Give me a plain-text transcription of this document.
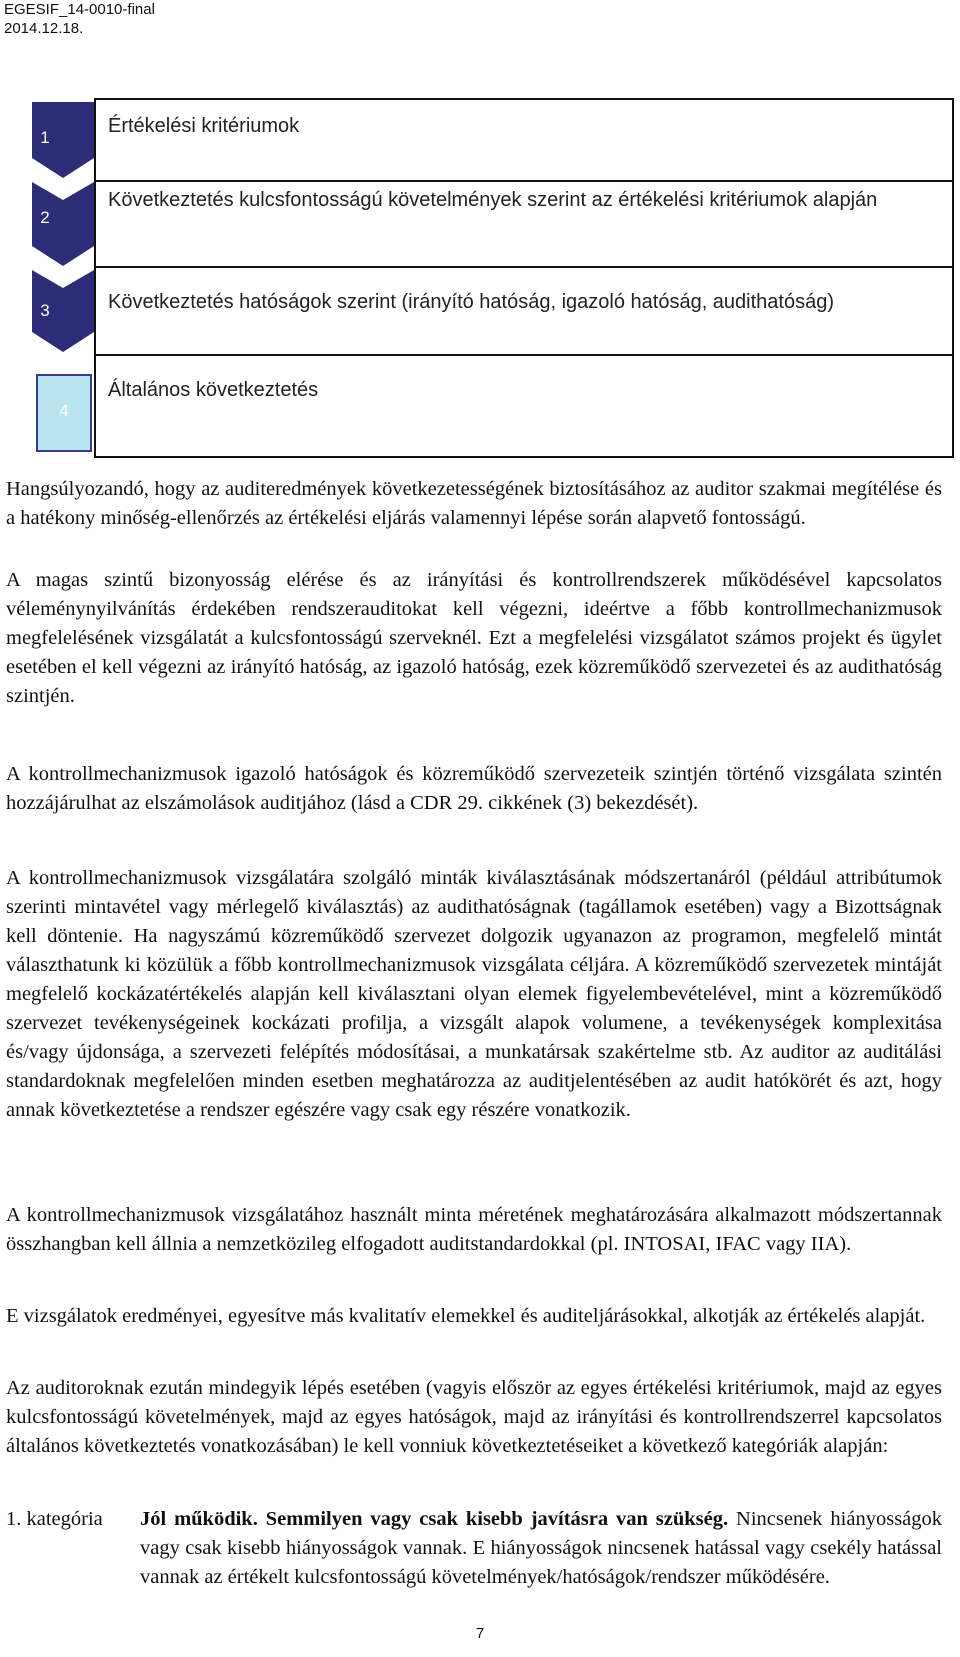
EGESIF_14-0010-final
2014.12.18.
Értékelési kritériumok
Következtetés kulcsfontosságú követelmények szerint az értékelési kritériumok alapján
Következtetés hatóságok szerint (irányító hatóság, igazoló hatóság, audithatóság)
Általános következtetés
1
2
3
4

Hangsúlyozandó, hogy az auditeredmények következetességének biztosításához az auditor szakmai megítélése és a hatékony minőség-ellenőrzés az értékelési eljárás valamennyi lépése során alapvető fontosságú.

A magas szintű bizonyosság elérése és az irányítási és kontrollrendszerek működésével kapcsolatos véleménynyilvánítás érdekében rendszerauditokat kell végezni, ideértve a főbb kontrollmechanizmusok megfelelésének vizsgálatát a kulcsfontosságú szerveknél. Ezt a megfelelési vizsgálatot számos projekt és ügylet esetében el kell végezni az irányító hatóság, az igazoló hatóság, ezek közreműködő szervezetei és az audithatóság szintjén.

A kontrollmechanizmusok igazoló hatóságok és közreműködő szervezeteik szintjén történő vizsgálata szintén hozzájárulhat az elszámolások auditjához (lásd a CDR 29. cikkének (3) bekezdését).

A kontrollmechanizmusok vizsgálatára szolgáló minták kiválasztásának módszertanáról (például attribútumok szerinti mintavétel vagy mérlegelő kiválasztás) az audithatóságnak (tagállamok esetében) vagy a Bizottságnak kell döntenie. Ha nagyszámú közreműködő szervezet dolgozik ugyanazon az programon, megfelelő mintát választhatunk ki közülük a főbb kontrollmechanizmusok vizsgálata céljára. A közreműködő szervezetek mintáját megfelelő kockázatértékelés alapján kell kiválasztani olyan elemek figyelembevételével, mint a közreműködő szervezet tevékenységeinek kockázati profilja, a vizsgált alapok volumene, a tevékenységek komplexitása és/vagy újdonsága, a szervezeti felépítés módosításai, a munkatársak szakértelme stb. Az auditor az auditálási standardoknak megfelelően minden esetben meghatározza az auditjelentésében az audit hatókörét és azt, hogy annak következtetése a rendszer egészére vagy csak egy részére vonatkozik.

A kontrollmechanizmusok vizsgálatához használt minta méretének meghatározására alkalmazott módszertannak összhangban kell állnia a nemzetközileg elfogadott auditstandardokkal (pl. INTOSAI, IFAC vagy IIA).

E vizsgálatok eredményei, egyesítve más kvalitatív elemekkel és auditeljárásokkal, alkotják az értékelés alapját.

Az auditoroknak ezután mindegyik lépés esetében (vagyis először az egyes értékelési kritériumok, majd az egyes kulcsfontosságú követelmények, majd az egyes hatóságok, majd az irányítási és kontrollrendszerrel kapcsolatos általános következtetés vonatkozásában) le kell vonniuk következtetéseiket a következő kategóriák alapján:

1. kategória Jól működik. Semmilyen vagy csak kisebb javításra van szükség. Nincsenek hiányosságok vagy csak kisebb hiányosságok vannak. E hiányosságok nincsenek hatással vagy csekély hatással vannak az értékelt kulcsfontosságú követelmények/hatóságok/rendszer működésére.
7
